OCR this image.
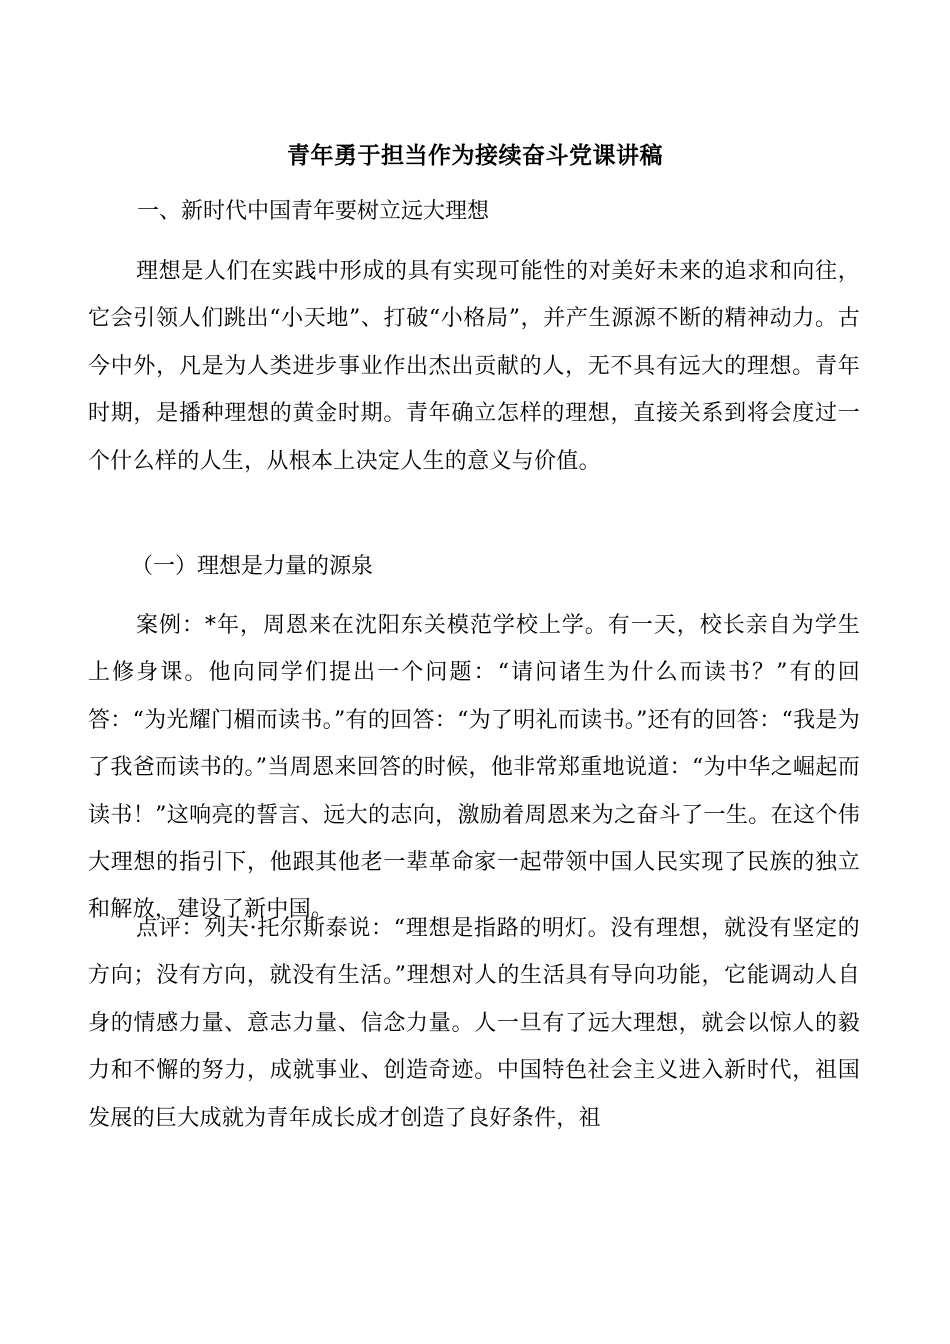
青年勇于担当作为接续奋斗党课讲稿

一、新时代中国青年要树立远大理想

理想是人们在实践中形成的具有实现可能性的对美好未来的追求和向往，它会引领人们跳出“小天地”、打破“小格局”，并产生源源不断的精神动力。古今中外，凡是为人类进步事业作出杰出贡献的人，无不具有远大的理想。青年时期，是播种理想的黄金时期。青年确立怎样的理想，直接关系到将会度过一个什么样的人生，从根本上决定人生的意义与价值。

（一）理想是力量的源泉

案例：*年，周恩来在沈阳东关模范学校上学。有一天，校长亲自为学生上修身课。他向同学们提出一个问题：“请问诸生为什么而读书？”有的回答：“为光耀门楣而读书。”有的回答：“为了明礼而读书。”还有的回答：“我是为了我爸而读书的。”当周恩来回答的时候，他非常郑重地说道：“为中华之崛起而读书！”这响亮的誓言、远大的志向，激励着周恩来为之奋斗了一生。在这个伟大理想的指引下，他跟其他老一辈革命家一起带领中国人民实现了民族的独立和解放，建设了新中国。

点评：列夫·托尔斯泰说：“理想是指路的明灯。没有理想，就没有坚定的方向；没有方向，就没有生活。”理想对人的生活具有导向功能，它能调动人自身的情感力量、意志力量、信念力量。人一旦有了远大理想，就会以惊人的毅力和不懈的努力，成就事业、创造奇迹。中国特色社会主义进入新时代，祖国发展的巨大成就为青年成长成才创造了良好条件，祖
